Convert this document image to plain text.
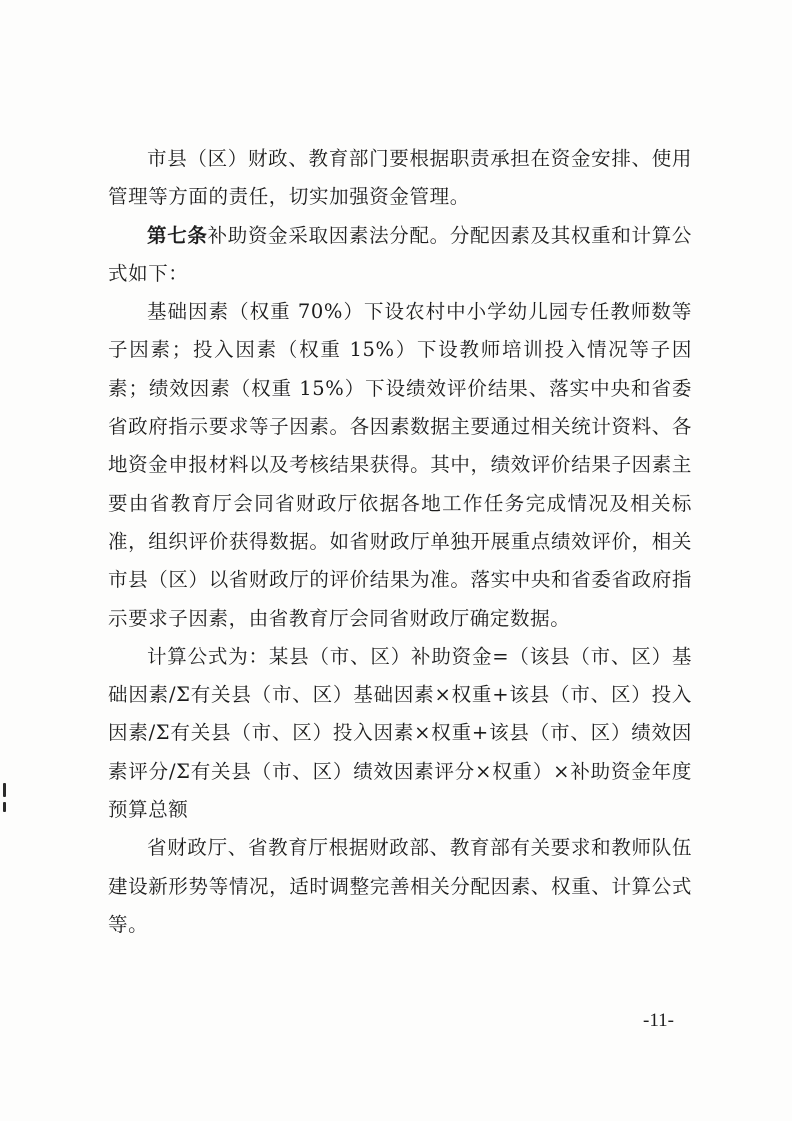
市县（区）财政、教育部门要根据职责承担在资金安排、使用管理等方面的责任，切实加强资金管理。

第七条补助资金采取因素法分配。分配因素及其权重和计算公式如下：

基础因素（权重 70%）下设农村中小学幼儿园专任教师数等子因素；投入因素（权重 15%）下设教师培训投入情况等子因素；绩效因素（权重 15%）下设绩效评价结果、落实中央和省委省政府指示要求等子因素。各因素数据主要通过相关统计资料、各地资金申报材料以及考核结果获得。其中，绩效评价结果子因素主要由省教育厅会同省财政厅依据各地工作任务完成情况及相关标准，组织评价获得数据。如省财政厅单独开展重点绩效评价，相关市县（区）以省财政厅的评价结果为准。落实中央和省委省政府指示要求子因素，由省教育厅会同省财政厅确定数据。

计算公式为：某县（市、区）补助资金=（该县（市、区）基础因素/Σ有关县（市、区）基础因素×权重+该县（市、区）投入因素/Σ有关县（市、区）投入因素×权重+该县（市、区）绩效因素评分/Σ有关县（市、区）绩效因素评分×权重）×补助资金年度预算总额

省财政厅、省教育厅根据财政部、教育部有关要求和教师队伍建设新形势等情况，适时调整完善相关分配因素、权重、计算公式等。

-11-
